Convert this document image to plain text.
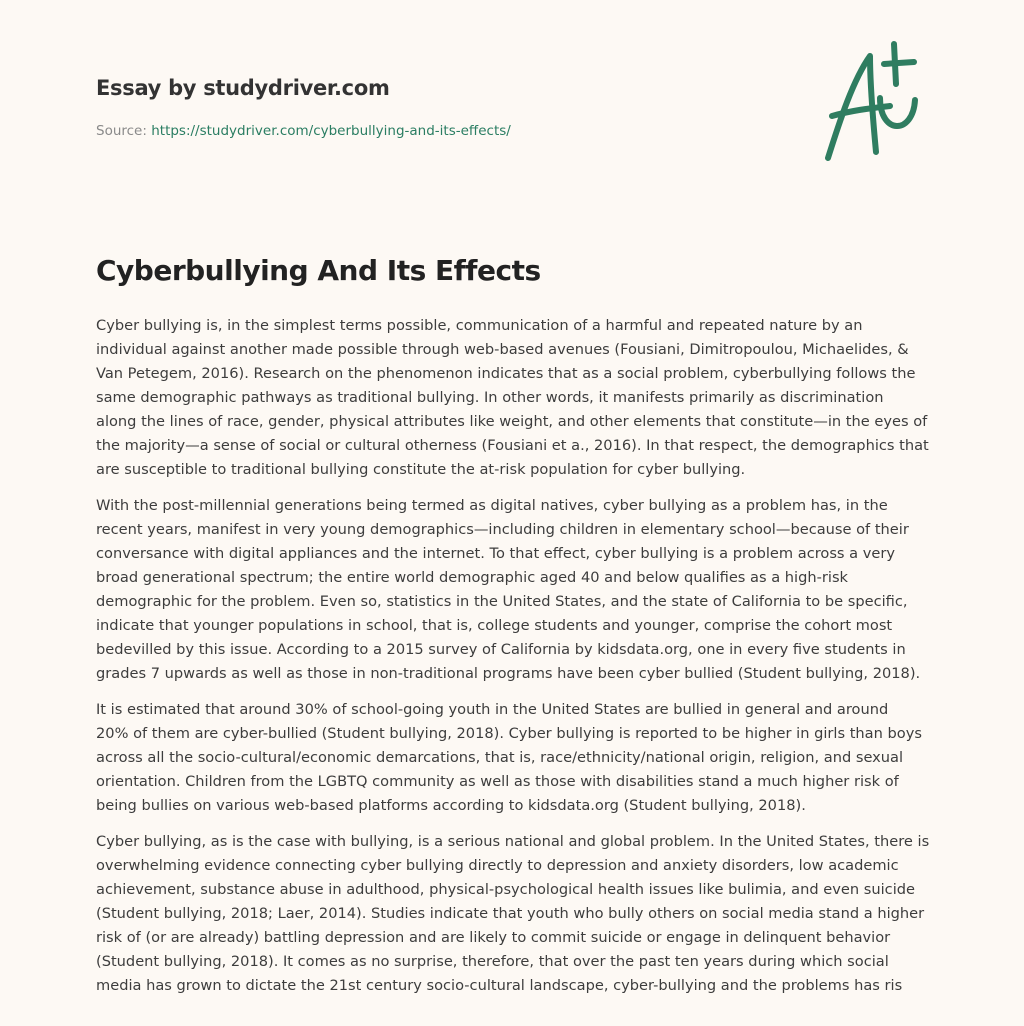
Essay by studydriver.com
Source: https://studydriver.com/cyberbullying-and-its-effects/
Cyberbullying And Its Effects

Cyber bullying is, in the simplest terms possible, communication of a harmful and repeated nature by an
individual against another made possible through web-based avenues (Fousiani, Dimitropoulou, Michaelides, &
Van Petegem, 2016). Research on the phenomenon indicates that as a social problem, cyberbullying follows the
same demographic pathways as traditional bullying. In other words, it manifests primarily as discrimination
along the lines of race, gender, physical attributes like weight, and other elements that constitute—in the eyes of
the majority—a sense of social or cultural otherness (Fousiani et a., 2016). In that respect, the demographics that
are susceptible to traditional bullying constitute the at-risk population for cyber bullying.

With the post-millennial generations being termed as digital natives, cyber bullying as a problem has, in the
recent years, manifest in very young demographics—including children in elementary school—because of their
conversance with digital appliances and the internet. To that effect, cyber bullying is a problem across a very
broad generational spectrum; the entire world demographic aged 40 and below qualifies as a high-risk
demographic for the problem. Even so, statistics in the United States, and the state of California to be specific,
indicate that younger populations in school, that is, college students and younger, comprise the cohort most
bedevilled by this issue. According to a 2015 survey of California by kidsdata.org, one in every five students in
grades 7 upwards as well as those in non-traditional programs have been cyber bullied (Student bullying, 2018).

It is estimated that around 30% of school-going youth in the United States are bullied in general and around
20% of them are cyber-bullied (Student bullying, 2018). Cyber bullying is reported to be higher in girls than boys
across all the socio-cultural/economic demarcations, that is, race/ethnicity/national origin, religion, and sexual
orientation. Children from the LGBTQ community as well as those with disabilities stand a much higher risk of
being bullies on various web-based platforms according to kidsdata.org (Student bullying, 2018).

Cyber bullying, as is the case with bullying, is a serious national and global problem. In the United States, there is
overwhelming evidence connecting cyber bullying directly to depression and anxiety disorders, low academic
achievement, substance abuse in adulthood, physical-psychological health issues like bulimia, and even suicide
(Student bullying, 2018; Laer, 2014). Studies indicate that youth who bully others on social media stand a higher
risk of (or are already) battling depression and are likely to commit suicide or engage in delinquent behavior
(Student bullying, 2018). It comes as no surprise, therefore, that over the past ten years during which social
media has grown to dictate the 21st century socio-cultural landscape, cyber-bullying and the problems has ris
